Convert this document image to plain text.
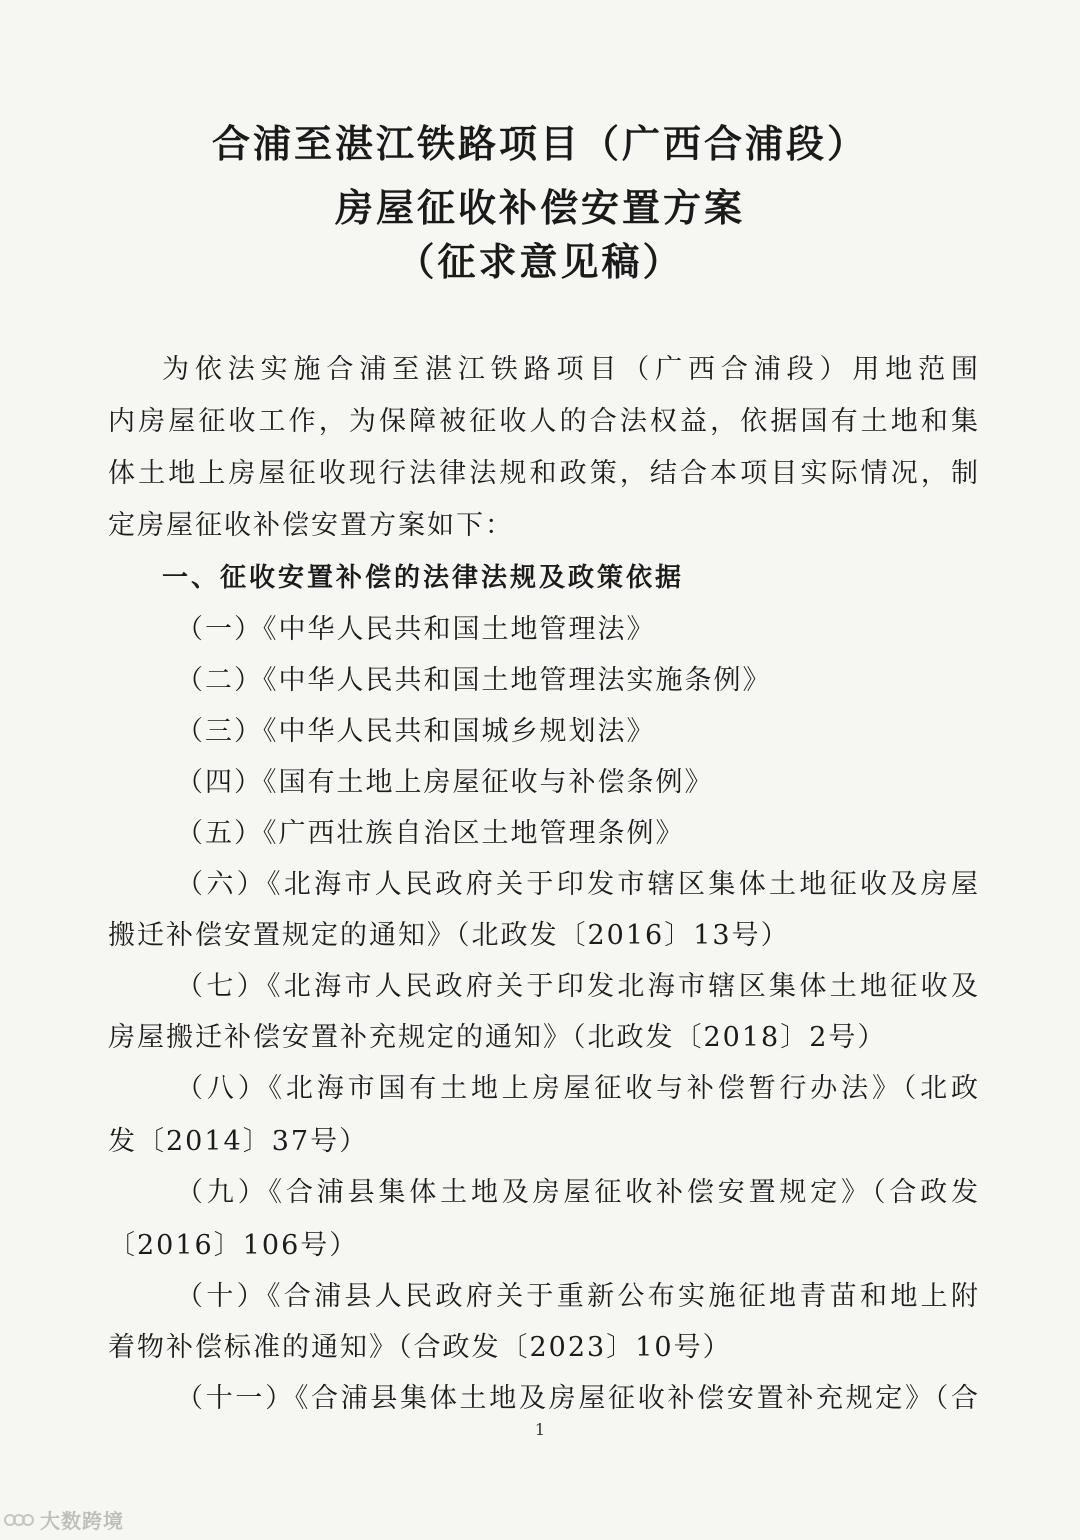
合浦至湛江铁路项目（广西合浦段）
房屋征收补偿安置方案
（征求意见稿）
为依法实施合浦至湛江铁路项目（广西合浦段）用地范围
内房屋征收工作，为保障被征收人的合法权益，依据国有土地和集
体土地上房屋征收现行法律法规和政策，结合本项目实际情况，制
定房屋征收补偿安置方案如下：
一、征收安置补偿的法律法规及政策依据
（一）《中华人民共和国土地管理法》
（二）《中华人民共和国土地管理法实施条例》
（三）《中华人民共和国城乡规划法》
（四）《国有土地上房屋征收与补偿条例》
（五）《广西壮族自治区土地管理条例》
（六）《北海市人民政府关于印发市辖区集体土地征收及房屋
搬迁补偿安置规定的通知》（北政发〔2016〕13号）
（七）《北海市人民政府关于印发北海市辖区集体土地征收及
房屋搬迁补偿安置补充规定的通知》（北政发〔2018〕2号）
（八）《北海市国有土地上房屋征收与补偿暂行办法》（北政
发〔2014〕37号）
（九）《合浦县集体土地及房屋征收补偿安置规定》（合政发
〔2016〕106号）
（十）《合浦县人民政府关于重新公布实施征地青苗和地上附
着物补偿标准的通知》（合政发〔2023〕10号）
（十一）《合浦县集体土地及房屋征收补偿安置补充规定》（合
1
大数跨境
